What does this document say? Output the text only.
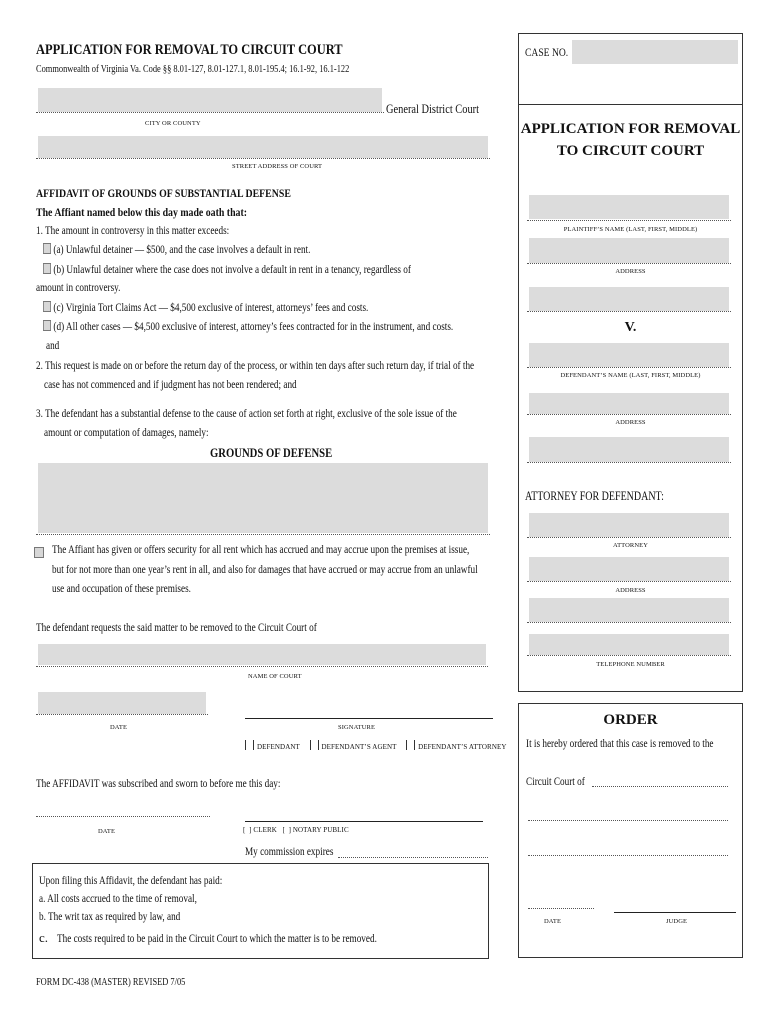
APPLICATION FOR REMOVAL TO CIRCUIT COURT
Commonwealth of Virginia Va. Code §§ 8.01-127, 8.01-127.1, 8.01-195.4; 16.1-92, 16.1-122
General District Court
CITY OR COUNTY
STREET ADDRESS OF COURT
AFFIDAVIT OF GROUNDS OF SUBSTANTIAL DEFENSE
The Affiant named below this day made oath that:
1. The amount in controversy in this matter exceeds:
(a) Unlawful detainer — $500, and the case involves a default in rent.
(b) Unlawful detainer where the case does not involve a default in rent in a tenancy, regardless of
amount in controversy.
(c) Virginia Tort Claims Act — $4,500 exclusive of interest, attorneys’ fees and costs.
(d) All other cases — $4,500 exclusive of interest, attorney’s fees contracted for in the instrument, and costs.
and
2. This request is made on or before the return day of the process, or within ten days after such return day, if trial of the
case has not commenced and if judgment has not been rendered; and
3. The defendant has a substantial defense to the cause of action set forth at right, exclusive of the sole issue of the
amount or computation of damages, namely:
GROUNDS OF DEFENSE
The Affiant has given or offers security for all rent which has accrued and may accrue upon the premises at issue,
but for not more than one year’s rent in all, and also for damages that have accrued or may accrue from an unlawful
use and occupation of these premises.
The defendant requests the said matter to be removed to the Circuit Court of
NAME OF COURT
DATE	SIGNATURE
DEFENDANT	DEFENDANT’S AGENT	DEFENDANT’S ATTORNEY
The AFFIDAVIT was subscribed and sworn to before me this day:
DATE	[  ] CLERK [  ] NOTARY PUBLIC
My commission expires
Upon filing this Affidavit, the defendant has paid:
a. All costs accrued to the time of removal,
b. The writ tax as required by law, and
c. The costs required to be paid in the Circuit Court to which the matter is to be removed.
FORM DC-438 (MASTER) REVISED 7/05
CASE NO.
APPLICATION FOR REMOVAL
TO CIRCUIT COURT
PLAINTIFF’S NAME (LAST, FIRST, MIDDLE)
ADDRESS
V.
DEFENDANT’S NAME (LAST, FIRST, MIDDLE)
ADDRESS
ATTORNEY FOR DEFENDANT:
ATTORNEY
ADDRESS
TELEPHONE NUMBER
ORDER
It is hereby ordered that this case is removed to the
Circuit Court of
DATE	JUDGE
